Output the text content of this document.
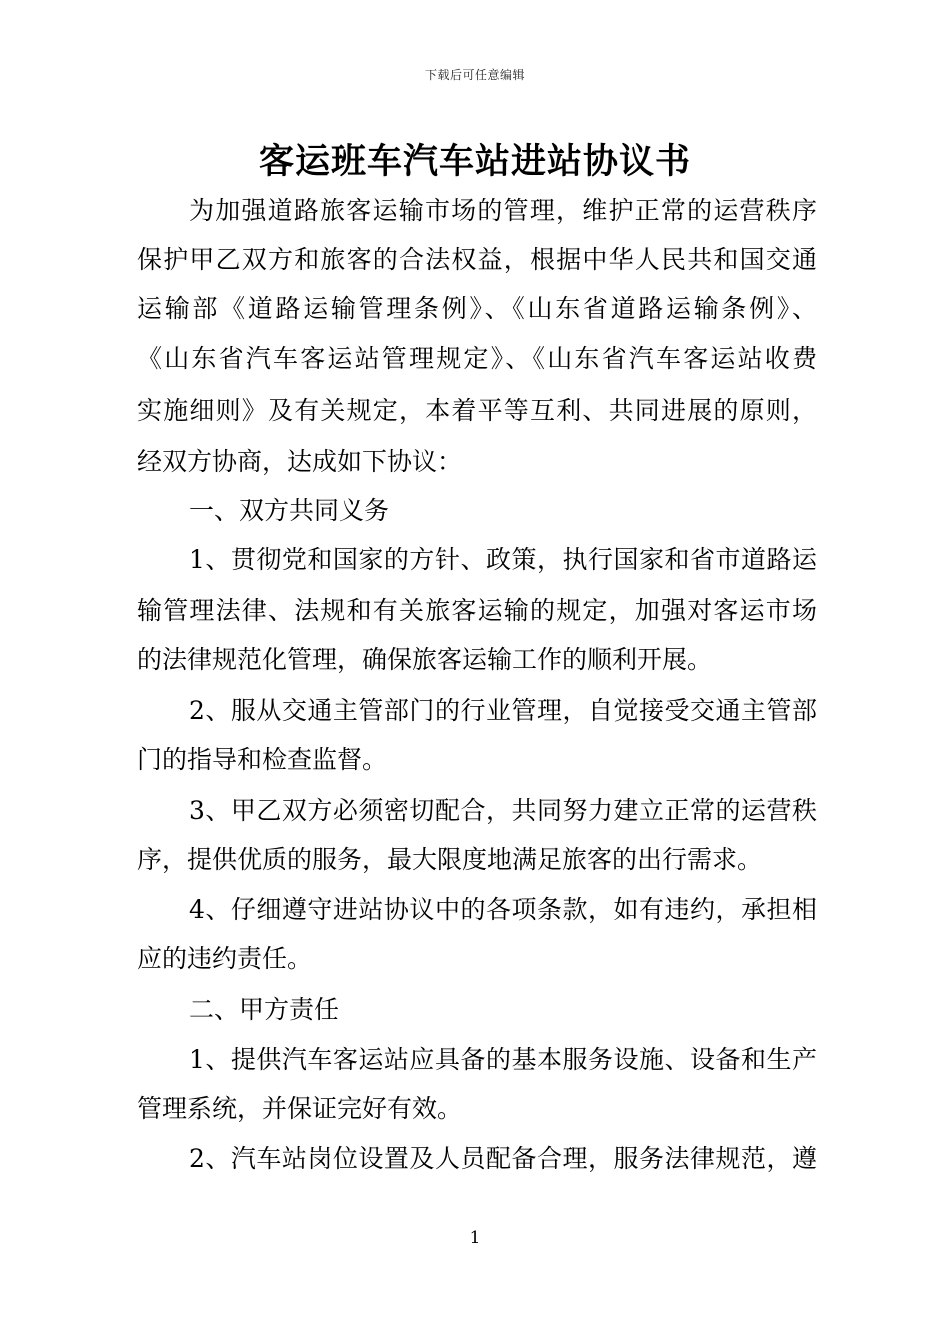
下载后可任意编辑
客运班车汽车站进站协议书
为加强道路旅客运输市场的管理，维护正常的运营秩序
保护甲乙双方和旅客的合法权益，根据中华人民共和国交通
运输部《道路运输管理条例》、《山东省道路运输条例》、
《山东省汽车客运站管理规定》、《山东省汽车客运站收费
实施细则》及有关规定，本着平等互利、共同进展的原则，
经双方协商，达成如下协议：
一、双方共同义务
1、贯彻党和国家的方针、政策，执行国家和省市道路运
输管理法律、法规和有关旅客运输的规定，加强对客运市场
的法律规范化管理，确保旅客运输工作的顺利开展。
2、服从交通主管部门的行业管理，自觉接受交通主管部
门的指导和检查监督。
3、甲乙双方必须密切配合，共同努力建立正常的运营秩
序，提供优质的服务，最大限度地满足旅客的出行需求。
4、仔细遵守进站协议中的各项条款，如有违约，承担相
应的违约责任。
二、甲方责任
1、提供汽车客运站应具备的基本服务设施、设备和生产
管理系统，并保证完好有效。
2、汽车站岗位设置及人员配备合理，服务法律规范，遵
1
